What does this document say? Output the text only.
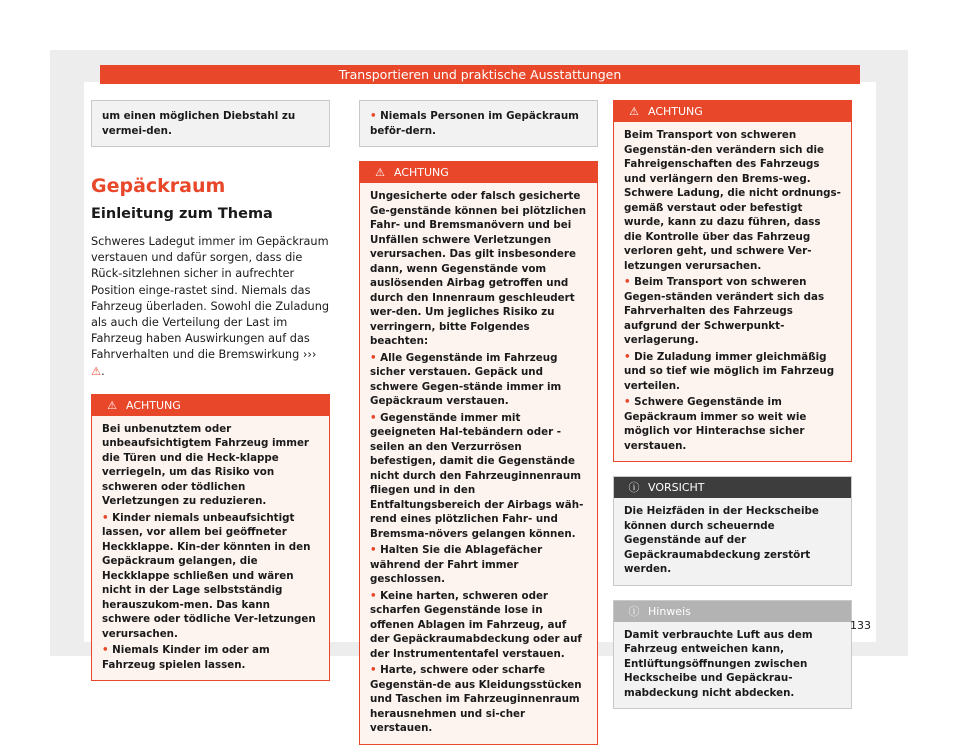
Transportieren und praktische Ausstattungen

um einen möglichen Diebstahl zu vermei-den.

Gepäckraum
Einleitung zum Thema
Schweres Ladegut immer im Gepäckraum verstauen und dafür sorgen, dass die Rück-sitzlehnen sicher in aufrechter Position einge-rastet sind. Niemals das Fahrzeug überladen. Sowohl die Zuladung als auch die Verteilung der Last im Fahrzeug haben Auswirkungen auf das Fahrverhalten und die Bremswirkung ››› ⚠.
⚠ ACHTUNG

Bei unbenutztem oder unbeaufsichtigtem Fahrzeug immer die Türen und die Heck-klappe verriegeln, um das Risiko von schweren oder tödlichen Verletzungen zu reduzieren.

• Kinder niemals unbeaufsichtigt lassen, vor allem bei geöffneter Heckklappe. Kin-der könnten in den Gepäckraum gelangen, die Heckklappe schließen und wären nicht in der Lage selbstständig herauszukom-men. Das kann schwere oder tödliche Ver-letzungen verursachen.

• Niemals Kinder im oder am Fahrzeug spielen lassen.

• Niemals Personen im Gepäckraum beför-dern.

⚠ ACHTUNG

Ungesicherte oder falsch gesicherte Ge-genstände können bei plötzlichen Fahr- und Bremsmanövern und bei Unfällen schwere Verletzungen verursachen. Das gilt insbesondere dann, wenn Gegenstände vom auslösenden Airbag getroffen und durch den Innenraum geschleudert wer-den. Um jegliches Risiko zu verringern, bitte Folgendes beachten:

• Alle Gegenstände im Fahrzeug sicher verstauen. Gepäck und schwere Gegen-stände immer im Gepäckraum verstauen.

• Gegenstände immer mit geeigneten Hal-tebändern oder -seilen an den Verzurrösen befestigen, damit die Gegenstände nicht durch den Fahrzeuginnenraum fliegen und in den Entfaltungsbereich der Airbags wäh-rend eines plötzlichen Fahr- und Bremsma-növers gelangen können.

• Halten Sie die Ablagefächer während der Fahrt immer geschlossen.

• Keine harten, schweren oder scharfen Gegenstände lose in offenen Ablagen im Fahrzeug, auf der Gepäckraumabdeckung oder auf der Instrumententafel verstauen.

• Harte, schwere oder scharfe Gegenstän-de aus Kleidungsstücken und Taschen im Fahrzeuginnenraum herausnehmen und si-cher verstauen.

⚠ ACHTUNG

Beim Transport von schweren Gegenstän-den verändern sich die Fahreigenschaften des Fahrzeugs und verlängern den Brems-weg. Schwere Ladung, die nicht ordnungs-gemäß verstaut oder befestigt wurde, kann zu dazu führen, dass die Kontrolle über das Fahrzeug verloren geht, und schwere Ver-letzungen verursachen.

• Beim Transport von schweren Gegen-ständen verändert sich das Fahrverhalten des Fahrzeugs aufgrund der Schwerpunkt-verlagerung.

• Die Zuladung immer gleichmäßig und so tief wie möglich im Fahrzeug verteilen.

• Schwere Gegenstände im Gepäckraum immer so weit wie möglich vor Hinterachse sicher verstauen.

ⓘ VORSICHT

Die Heizfäden in der Heckscheibe können durch scheuernde Gegenstände auf der Gepäckraumabdeckung zerstört werden.

ⓘ Hinweis

Damit verbrauchte Luft aus dem Fahrzeug entweichen kann, Entlüftungsöffnungen zwischen Heckscheibe und Gepäckrau-mabdeckung nicht abdecken.

133
